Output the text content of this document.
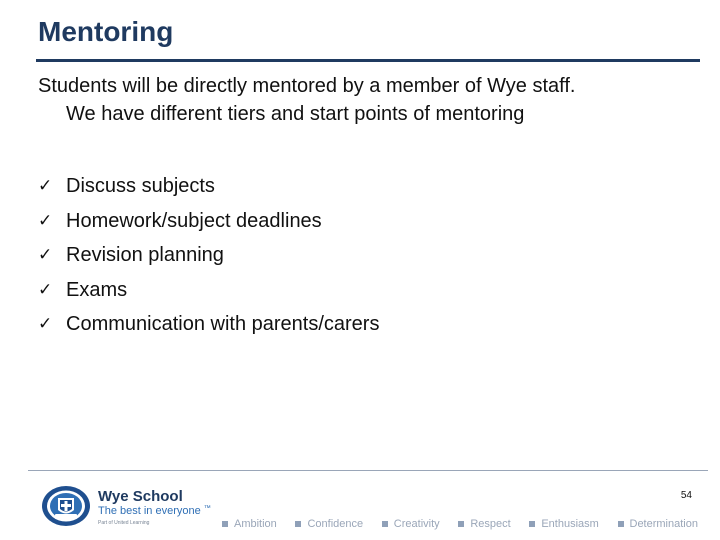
Mentoring
Students will be directly mentored by a member of Wye staff.
We have different tiers and start points of mentoring
✓ Discuss subjects
✓ Homework/subject deadlines
✓ Revision planning
✓ Exams
✓ Communication with parents/carers
Wye School
The best in everyone ™
Part of United Learning
54
Ambition	Confidence	Creativity	Respect	Enthusiasm	Determination
